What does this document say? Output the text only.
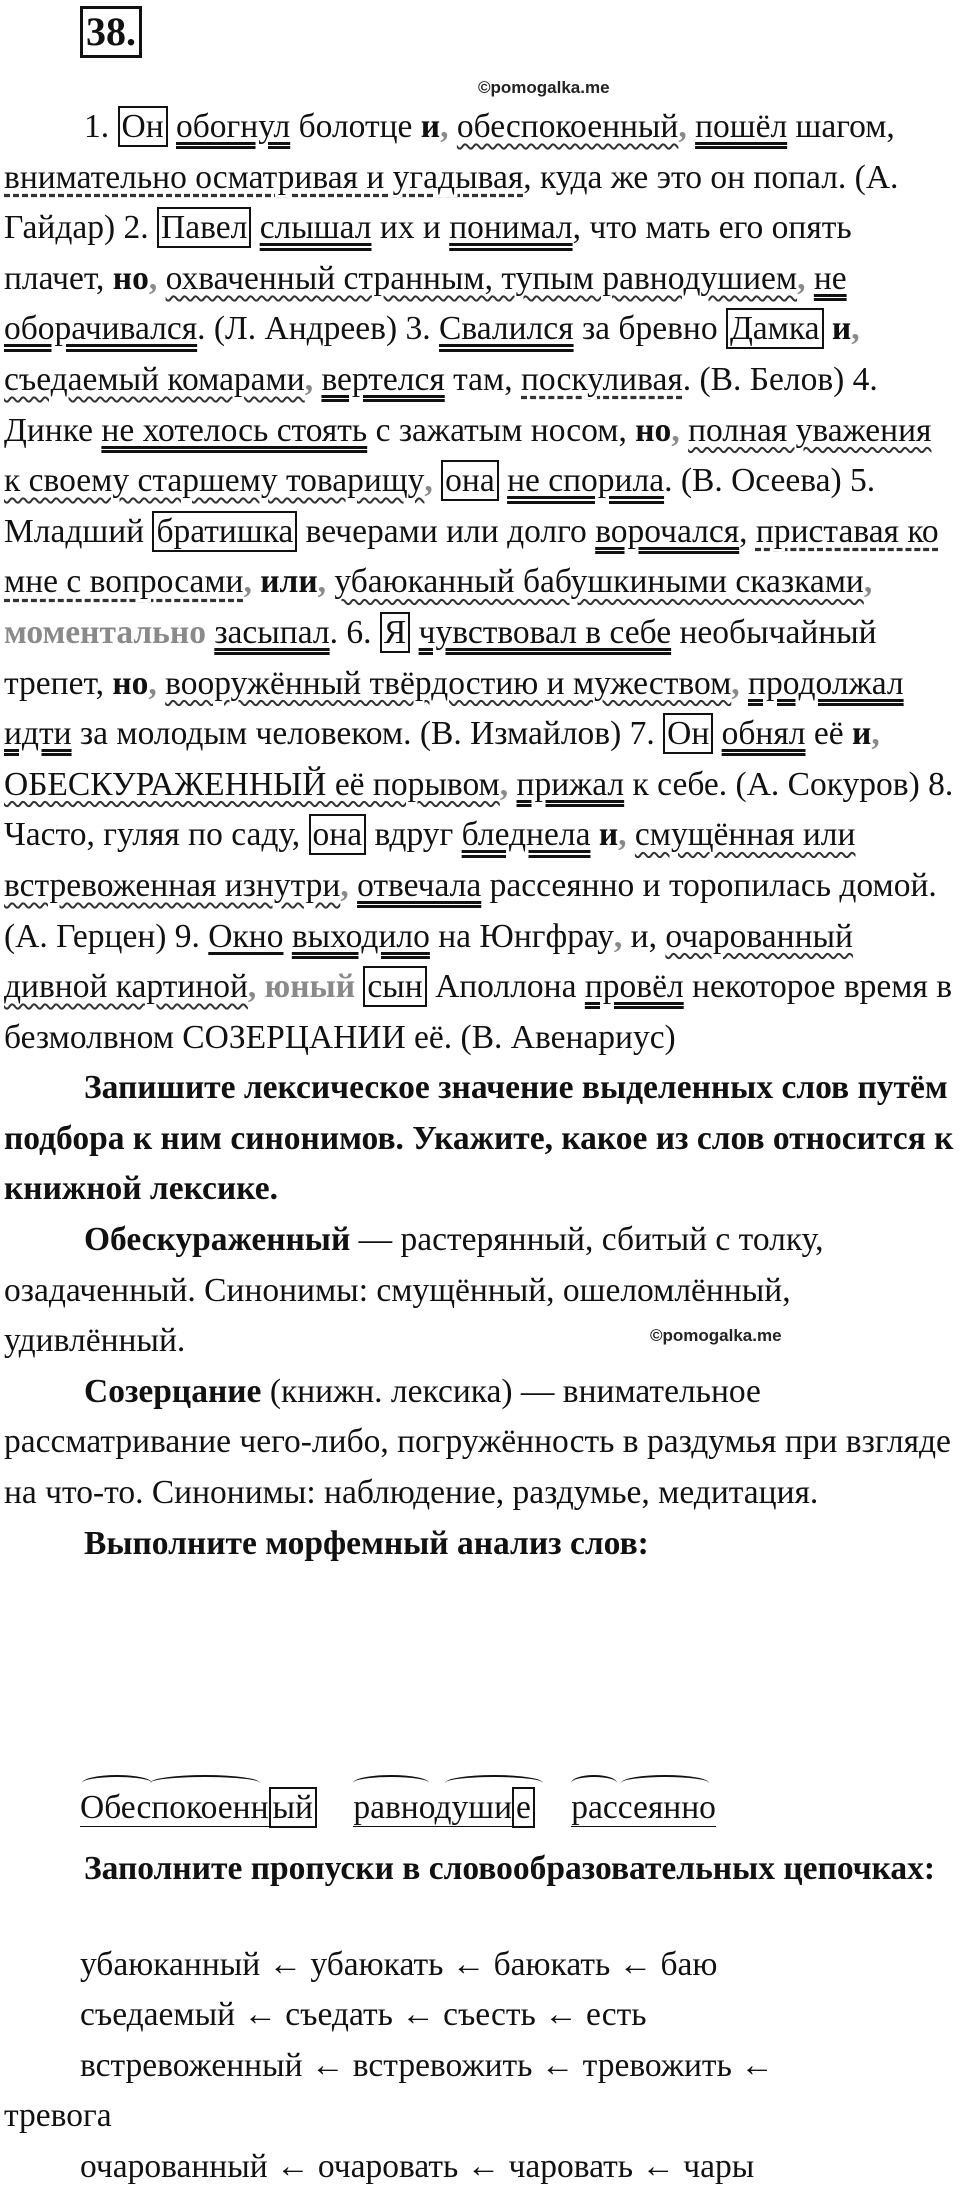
38.
©pomogalka.me

1. Он обогнул болотце и, обеспокоенный, пошёл шагом, внимательно осматривая и угадывая, куда же это он попал. (А. Гайдар) 2. Павел слышал их и понимал, что мать его опять плачет, но, охваченный странным, тупым равнодушием, не оборачивался. (Л. Андреев) 3. Свалился за бревно Дамка и, съедаемый комарами, вертелся там, поскуливая. (В. Белов) 4. Динке не хотелось стоять с зажатым носом, но, полная уважения к своему старшему товарищу, она не спорила. (В. Осеева) 5. Младший братишка вечерами или долго ворочался, приставая ко мне с вопросами, или, убаюканный бабушкиными сказками, моментально засыпал. 6. Я чувствовал в себе необычайный трепет, но, вооружённый твёрдостию и мужеством, продолжал идти за молодым человеком. (В. Измайлов) 7. Он обнял её и, ОБЕСКУРАЖЕННЫЙ её порывом, прижал к себе. (А. Сокуров) 8. Часто, гуляя по саду, она вдруг бледнела и, смущённая или встревоженная изнутри, отвечала рассеянно и торопилась домой. (А. Герцен) 9. Окно выходило на Юнгфрау, и, очарованный дивной картиной, юный сын Аполлона провёл некоторое время в безмолвном СОЗЕРЦАНИИ её. (В. Авенариус)

Запишите лексическое значение выделенных слов путём подбора к ним синонимов. Укажите, какое из слов относится к книжной лексике.

Обескураженный — растерянный, сбитый с толку, озадаченный. Синонимы: смущённый, ошеломлённый, удивлённый.

Созерцание (книжн. лексика) — внимательное рассматривание чего-либо, погружённость в раздумья при взгляде на что-то. Синонимы: наблюдение, раздумье, медитация.

Выполните морфемный анализ слов:

©pomogalka.me
Обеспокоенн ый равнодуши е рассеянно

Заполните пропуски в словообразовательных цепочках:

убаюканный ← убаюкать ← баюкать ← баю
съедаемый ← съедать ← съесть ← есть
встревоженный ← встревожить ← тревожить ←
тревога
очарованный ← очаровать ← чаровать ← чары
